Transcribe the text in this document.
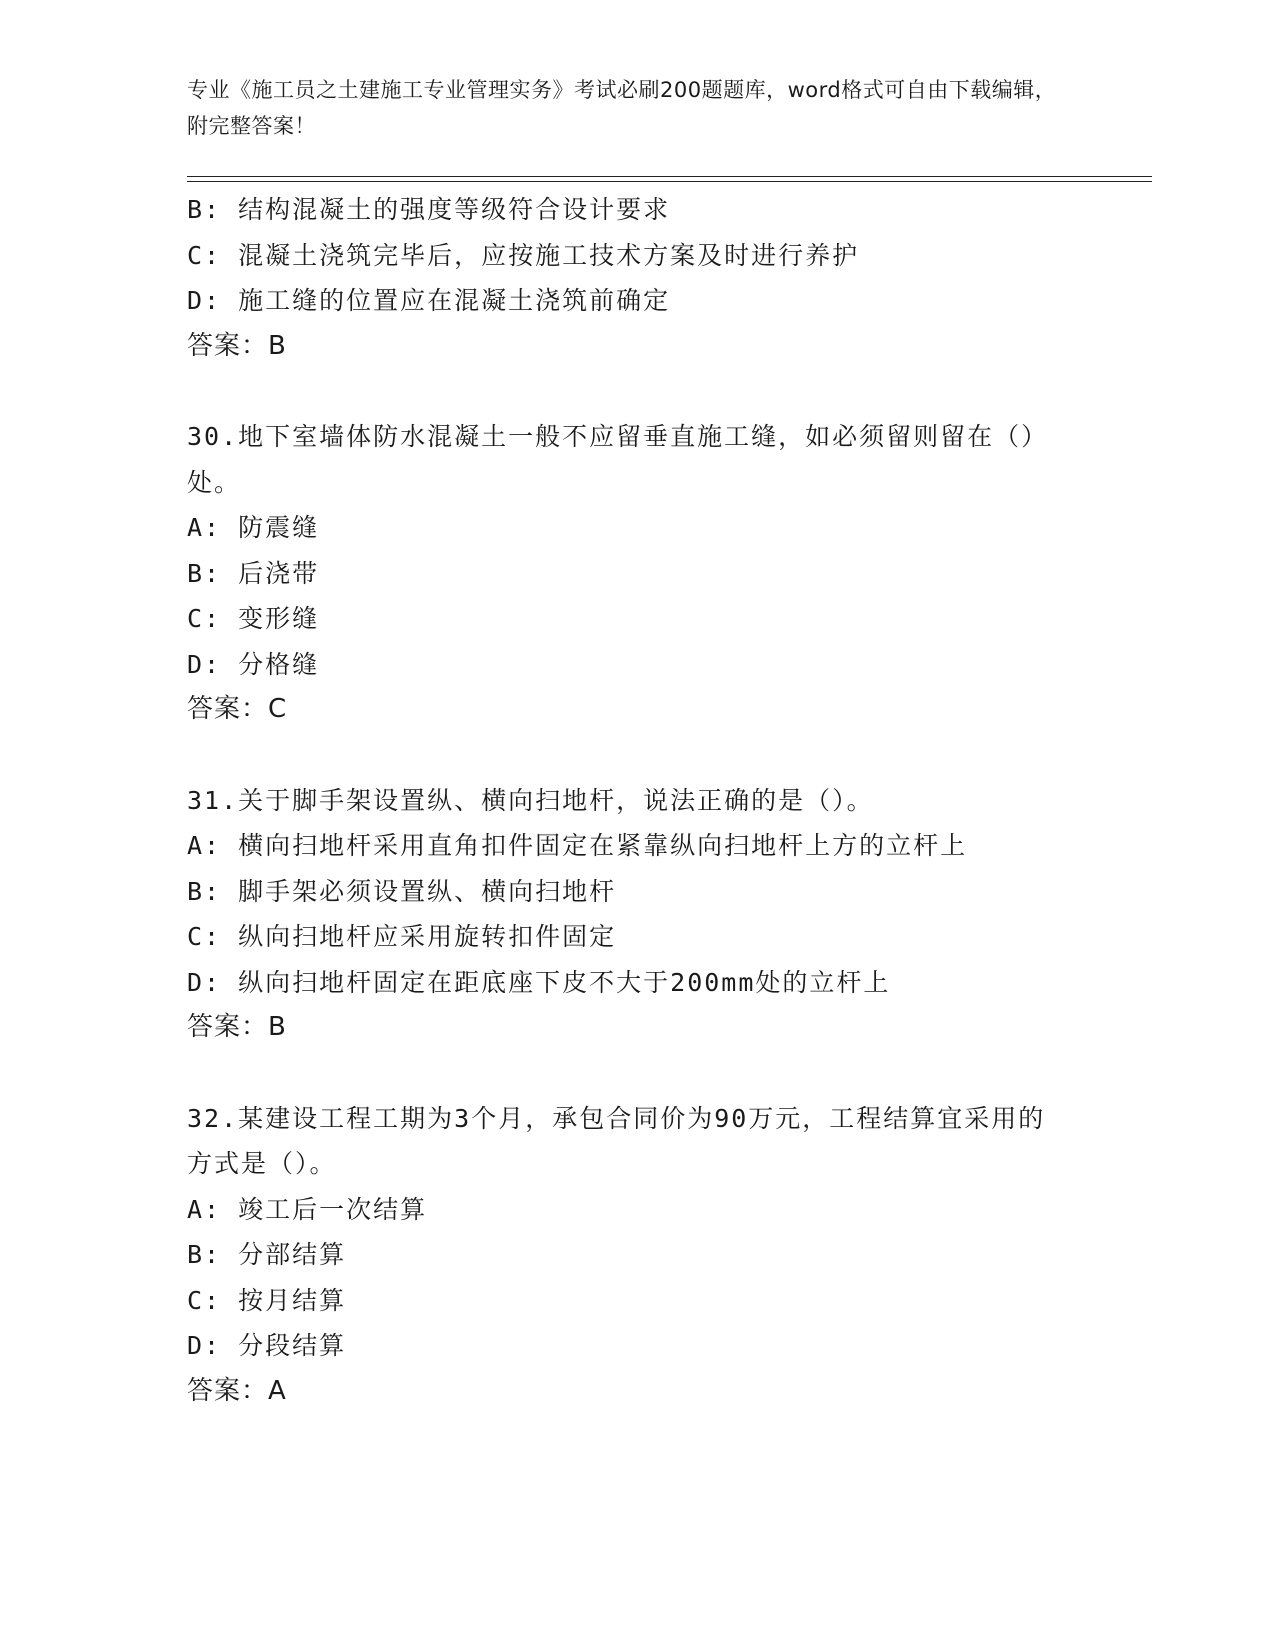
专业《施工员之土建施工专业管理实务》考试必刷200题题库，word格式可自由下载编辑，附完整答案！
B: 结构混凝土的强度等级符合设计要求
C: 混凝土浇筑完毕后，应按施工技术方案及时进行养护
D: 施工缝的位置应在混凝土浇筑前确定
答案：B
30.地下室墙体防水混凝土一般不应留垂直施工缝，如必须留则留在（）处。
A: 防震缝
B: 后浇带
C: 变形缝
D: 分格缝
答案：C
31.关于脚手架设置纵、横向扫地杆，说法正确的是（）。
A: 横向扫地杆采用直角扣件固定在紧靠纵向扫地杆上方的立杆上
B: 脚手架必须设置纵、横向扫地杆
C: 纵向扫地杆应采用旋转扣件固定
D: 纵向扫地杆固定在距底座下皮不大于200mm处的立杆上
答案：B
32.某建设工程工期为3个月，承包合同价为90万元，工程结算宜采用的方式是（）。
A: 竣工后一次结算
B: 分部结算
C: 按月结算
D: 分段结算
答案：A
